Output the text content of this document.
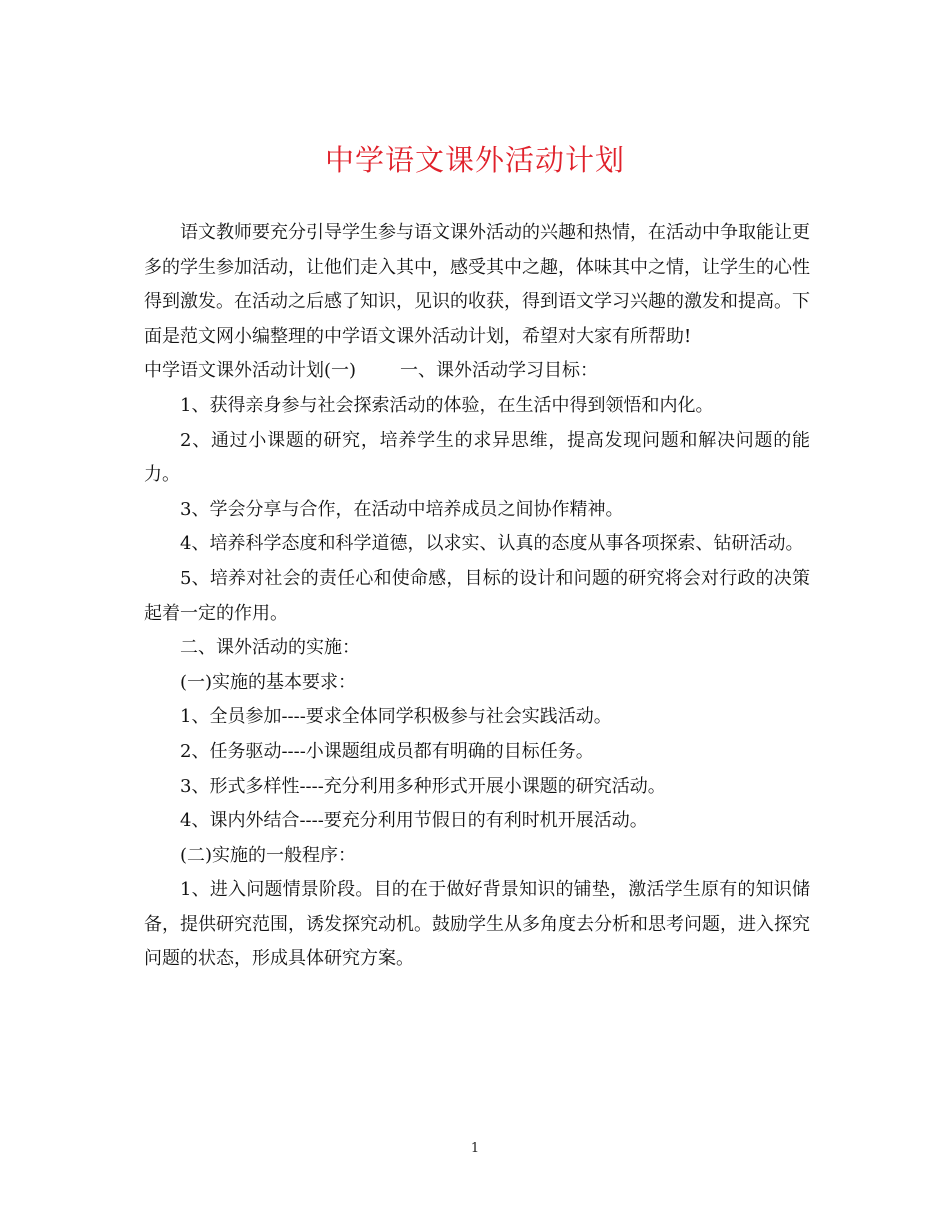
中学语文课外活动计划

语文教师要充分引导学生参与语文课外活动的兴趣和热情，在活动中争取能让更多的学生参加活动，让他们走入其中，感受其中之趣，体味其中之情，让学生的心性得到激发。在活动之后感了知识，见识的收获，得到语文学习兴趣的激发和提高。下面是范文网小编整理的中学语文课外活动计划，希望对大家有所帮助!

中学语文课外活动计划(一) 一、课外活动学习目标：

1、获得亲身参与社会探索活动的体验，在生活中得到领悟和内化。

2、通过小课题的研究，培养学生的求异思维，提高发现问题和解决问题的能力。

3、学会分享与合作，在活动中培养成员之间协作精神。

4、培养科学态度和科学道德，以求实、认真的态度从事各项探索、钻研活动。

5、培养对社会的责任心和使命感，目标的设计和问题的研究将会对行政的决策起着一定的作用。

二、课外活动的实施：

(一)实施的基本要求：

1、全员参加----要求全体同学积极参与社会实践活动。

2、任务驱动----小课题组成员都有明确的目标任务。

3、形式多样性----充分利用多种形式开展小课题的研究活动。

4、课内外结合----要充分利用节假日的有利时机开展活动。

(二)实施的一般程序：

1、进入问题情景阶段。目的在于做好背景知识的铺垫，激活学生原有的知识储备，提供研究范围，诱发探究动机。鼓励学生从多角度去分析和思考问题，进入探究问题的状态，形成具体研究方案。

1
